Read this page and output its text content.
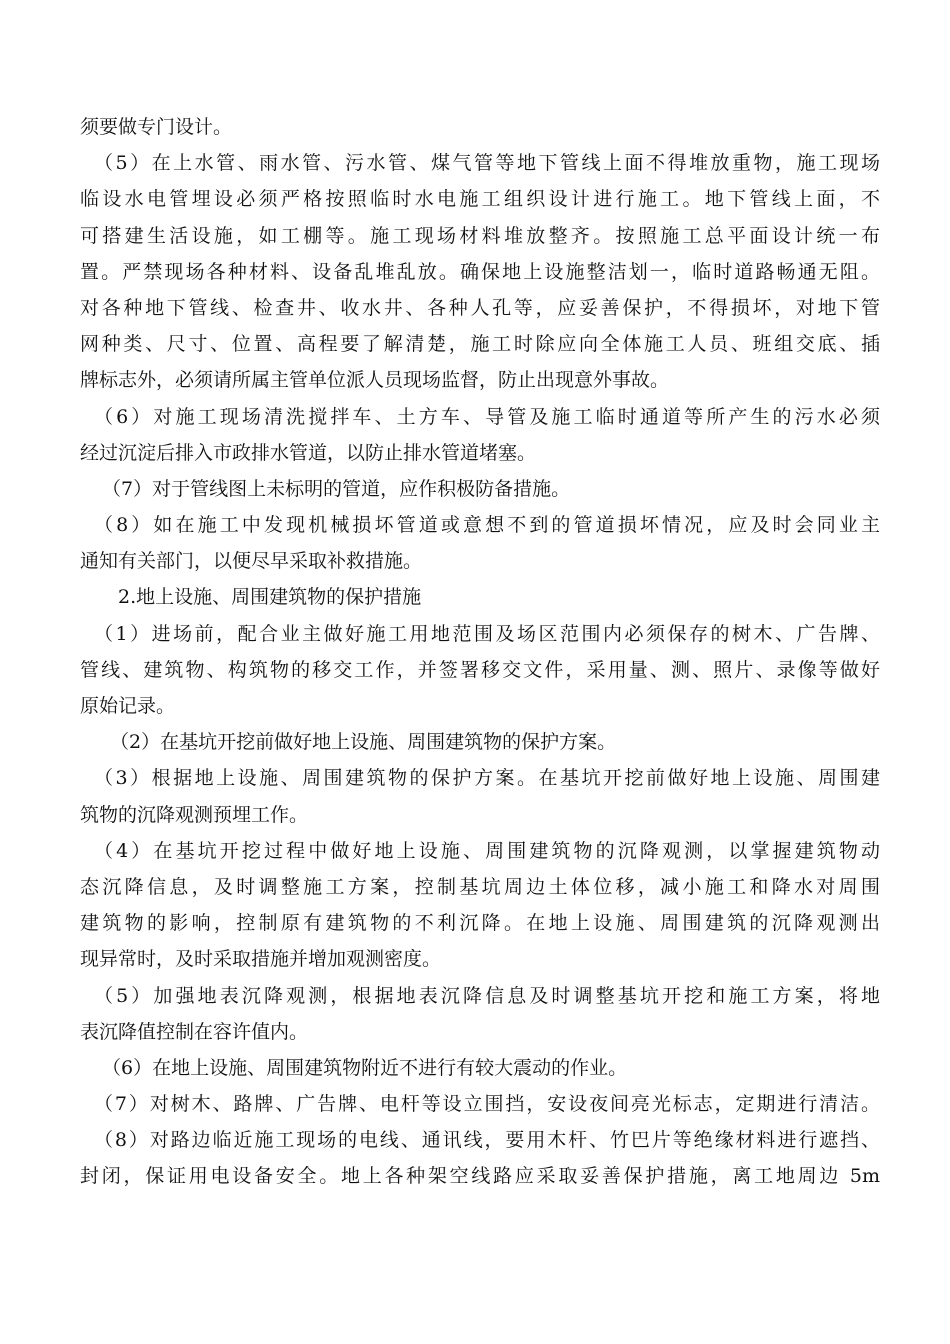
须要做专门设计。
（5）在上水管、雨水管、污水管、煤气管等地下管线上面不得堆放重物，施工现场
临设水电管埋设必须严格按照临时水电施工组织设计进行施工。地下管线上面，不
可搭建生活设施，如工棚等。施工现场材料堆放整齐。按照施工总平面设计统一布
置。严禁现场各种材料、设备乱堆乱放。确保地上设施整洁划一，临时道路畅通无阻。
对各种地下管线、检查井、收水井、各种人孔等，应妥善保护，不得损坏，对地下管
网种类、尺寸、位置、高程要了解清楚，施工时除应向全体施工人员、班组交底、插
牌标志外，必须请所属主管单位派人员现场监督，防止出现意外事故。
（6）对施工现场清洗搅拌车、土方车、导管及施工临时通道等所产生的污水必须
经过沉淀后排入市政排水管道，以防止排水管道堵塞。
（7）对于管线图上未标明的管道，应作积极防备措施。
（8）如在施工中发现机械损坏管道或意想不到的管道损坏情况，应及时会同业主
通知有关部门，以便尽早采取补救措施。
2.地上设施、周围建筑物的保护措施
（1）进场前，配合业主做好施工用地范围及场区范围内必须保存的树木、广告牌、
管线、建筑物、构筑物的移交工作，并签署移交文件，采用量、测、照片、录像等做好
原始记录。
（2）在基坑开挖前做好地上设施、周围建筑物的保护方案。
（3）根据地上设施、周围建筑物的保护方案。在基坑开挖前做好地上设施、周围建
筑物的沉降观测预埋工作。
（4）在基坑开挖过程中做好地上设施、周围建筑物的沉降观测，以掌握建筑物动
态沉降信息，及时调整施工方案，控制基坑周边土体位移，减小施工和降水对周围
建筑物的影响，控制原有建筑物的不利沉降。在地上设施、周围建筑的沉降观测出
现异常时，及时采取措施并增加观测密度。
（5）加强地表沉降观测，根据地表沉降信息及时调整基坑开挖和施工方案，将地
表沉降值控制在容许值内。
（6）在地上设施、周围建筑物附近不进行有较大震动的作业。
（7）对树木、路牌、广告牌、电杆等设立围挡，安设夜间亮光标志，定期进行清洁。
（8）对路边临近施工现场的电线、通讯线，要用木杆、竹巴片等绝缘材料进行遮挡、
封闭，保证用电设备安全。地上各种架空线路应采取妥善保护措施，离工地周边 5m
